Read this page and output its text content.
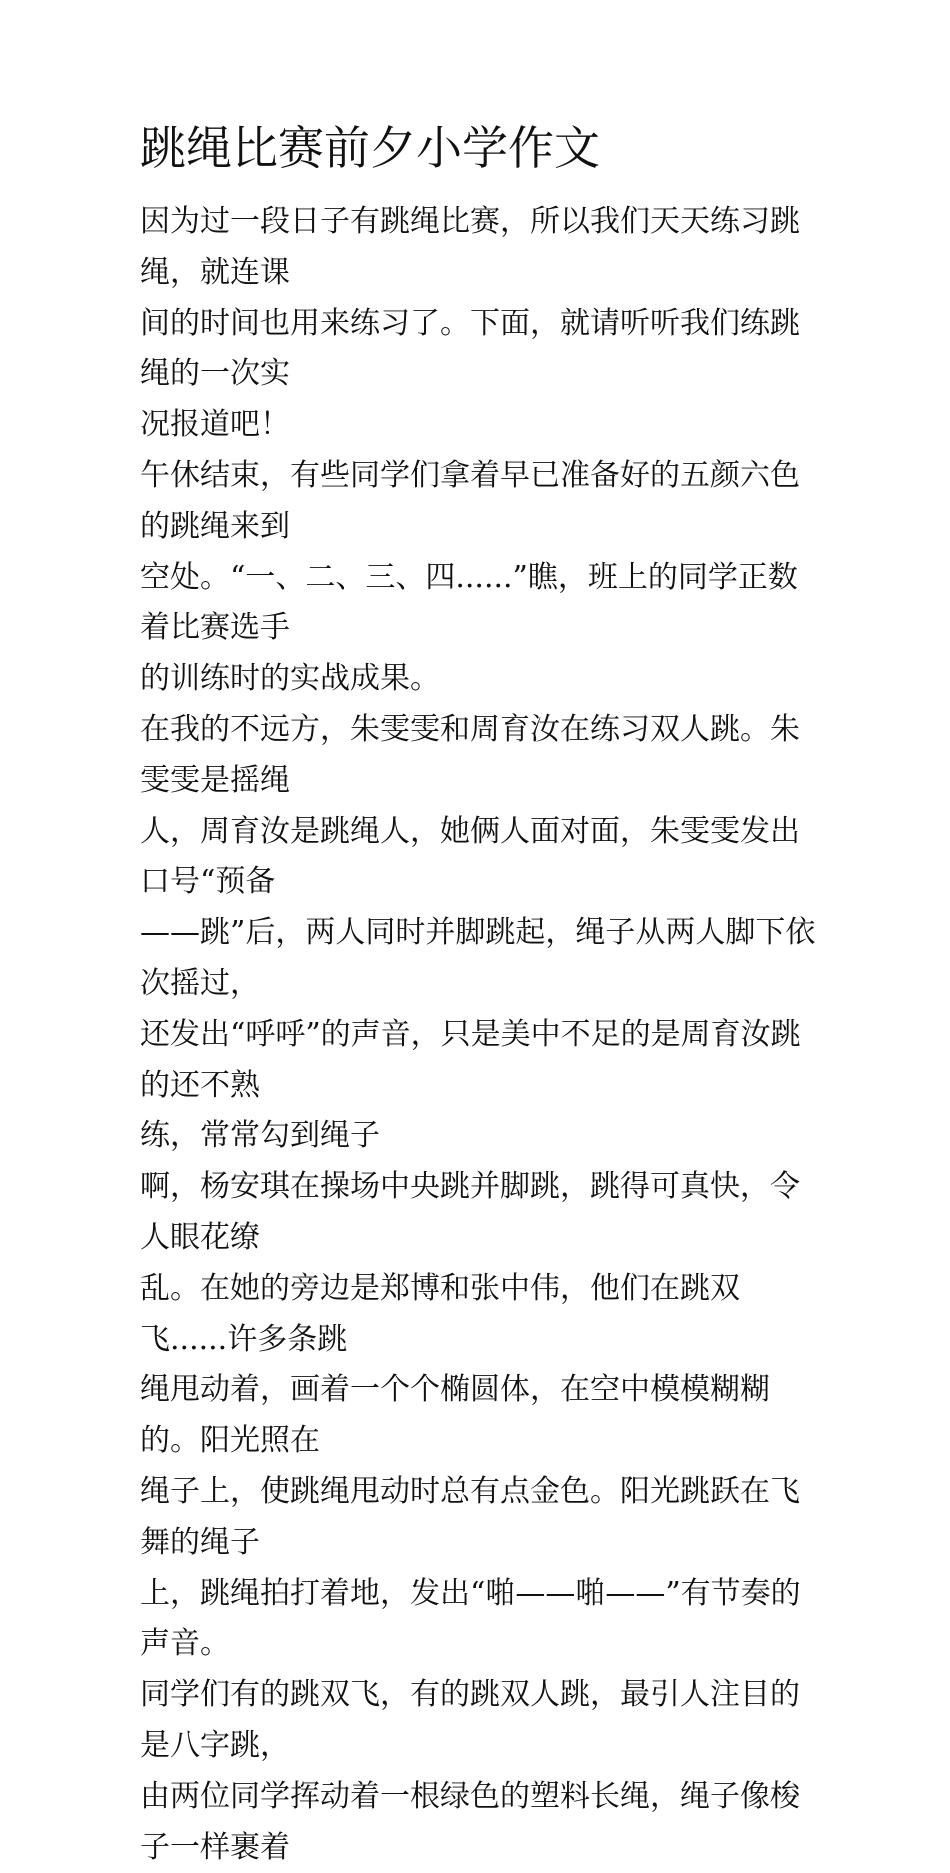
跳绳比赛前夕小学作文
因为过一段日子有跳绳比赛，所以我们天天练习跳绳，就连课
间的时间也用来练习了。下面，就请听听我们练跳绳的一次实
况报道吧！
午休结束，有些同学们拿着早已准备好的五颜六色的跳绳来到
空处。“一、二、三、四......”瞧，班上的同学正数着比赛选手
的训练时的实战成果。
在我的不远方，朱雯雯和周育汝在练习双人跳。朱雯雯是摇绳
人，周育汝是跳绳人，她俩人面对面，朱雯雯发出口号“预备
——跳”后，两人同时并脚跳起，绳子从两人脚下依次摇过，
还发出“呼呼”的声音，只是美中不足的是周育汝跳的还不熟
练，常常勾到绳子
啊，杨安琪在操场中央跳并脚跳，跳得可真快，令人眼花缭
乱。在她的旁边是郑博和张中伟，他们在跳双飞......许多条跳
绳甩动着，画着一个个椭圆体，在空中模模糊糊的。阳光照在
绳子上，使跳绳甩动时总有点金色。阳光跳跃在飞舞的绳子
上，跳绳拍打着地，发出“啪——啪——”有节奏的声音。
同学们有的跳双飞，有的跳双人跳，最引人注目的是八字跳，
由两位同学挥动着一根绿色的塑料长绳，绳子像梭子一样裹着
